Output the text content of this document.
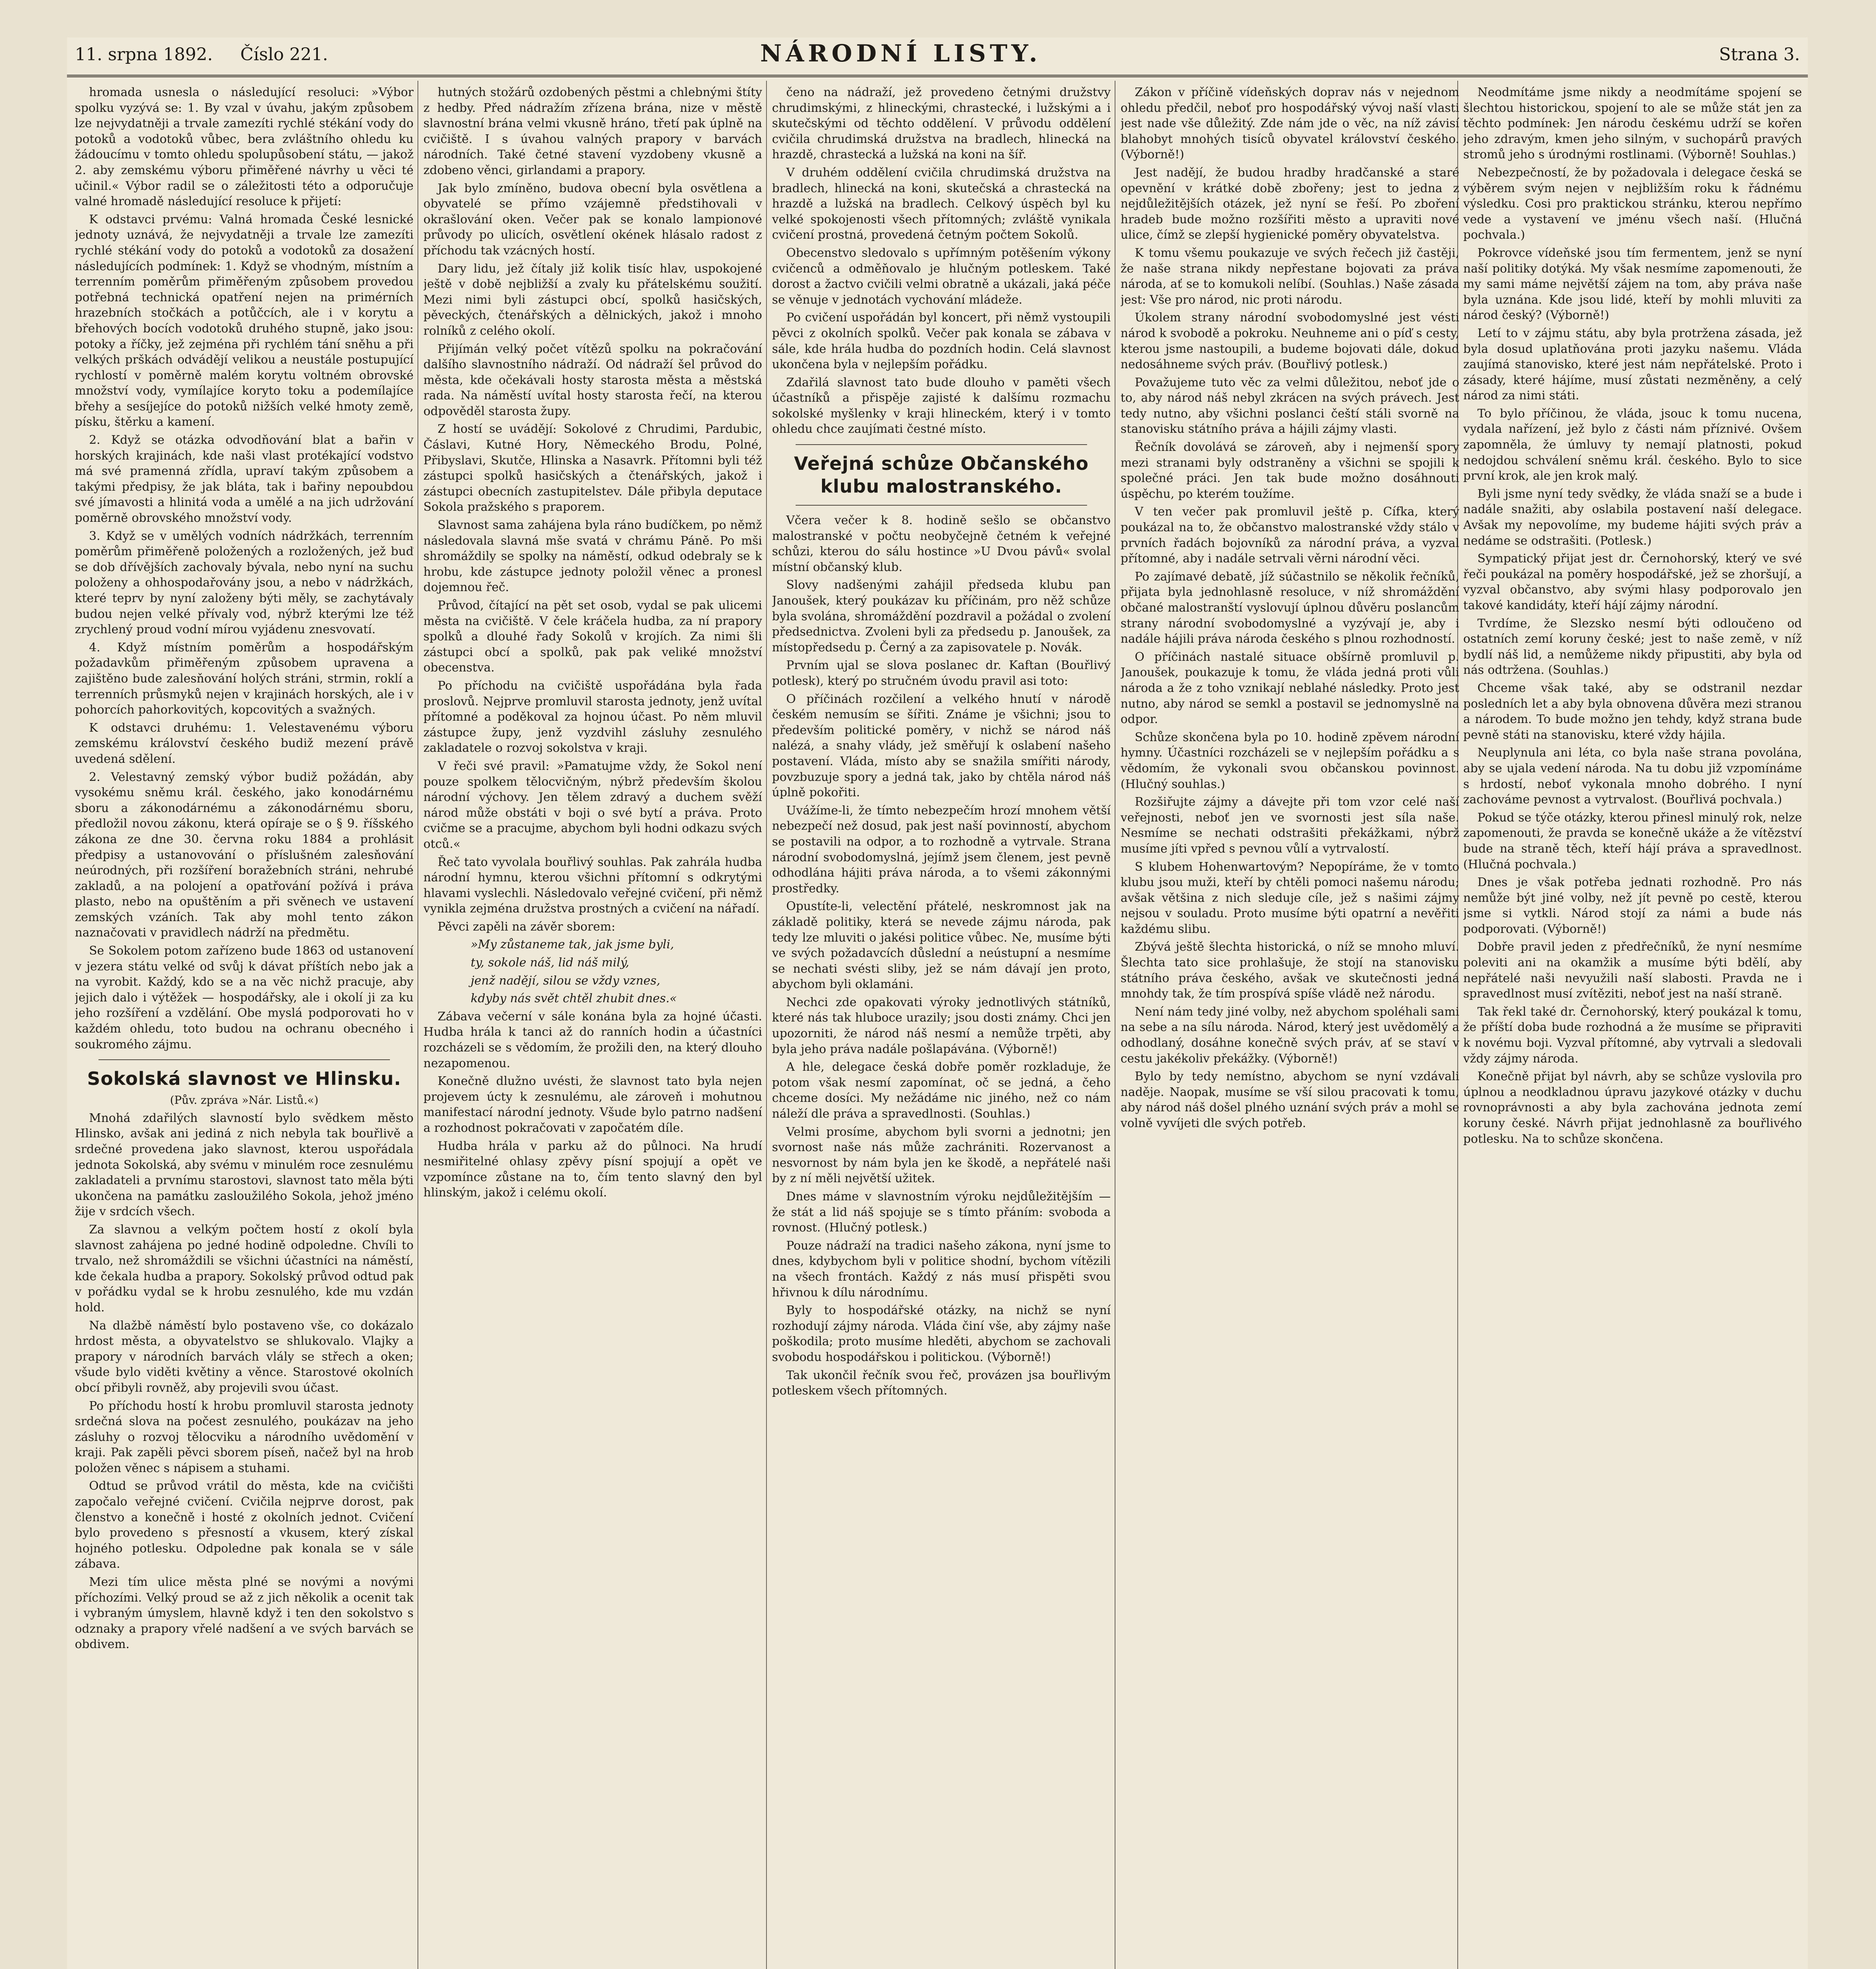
11. srpna 1892. Číslo 221.	NÁRODNÍ LISTY.	Strana 3.

hromada usnesla o následující resoluci: »Výbor spolku vyzývá se: 1. By vzal v úvahu, jakým způsobem lze nejvydatněji a trvale zamezíti rychlé stékání vody do potoků a vodotoků vůbec, bera zvláštního ohledu ku žádoucímu v tomto ohledu spolupůsobení státu, — jakož 2. aby zemskému výboru přiměřené návrhy u věci té učinil.« Výbor radil se o záležitosti této a odporučuje valné hromadě následující resoluce k přijetí:

K odstavci prvému: Valná hromada České lesnické jednoty uznává, že nejvydatněji a trvale lze zamezíti rychlé stékání vody do potoků a vodotoků za dosažení následujících podmínek: 1. Když se vhodným, místním a terrenním poměrům přiměřeným způsobem provedou potřebná technická opatření nejen na primérních hrazebních stočkách a potůčcích, ale i v korytu a břehových bocích vodotoků druhého stupně, jako jsou: potoky a říčky, jež zejména při rychlém tání sněhu a při velkých prškách odvádějí velikou a neustále postupující rychlostí v poměrně malém korytu voltném obrovské množství vody, vymílajíce koryto toku a podemílajíce břehy a sesíjejíce do potoků nižších velké hmoty země, písku, štěrku a kamení.

2. Když se otázka odvodňování blat a bařin v horských krajinách, kde naši vlast protékající vodstvo má své pramenná zřídla, upraví takým způsobem a takými předpisy, že jak bláta, tak i bařiny nepoubdou své jímavosti a hlinitá voda a umělé a na jich udržování poměrně obrovského množství vody.

3. Když se v umělých vodních nádržkách, terrenním poměrům přiměřeně položených a rozložených, jež buď se dob dřívějších zachovaly bývala, nebo nyní na suchu položeny a ohhospodařovány jsou, a nebo v nádržkách, které teprv by nyní založeny býti měly, se zachytávaly budou nejen velké přívaly vod, nýbrž kterými lze též zrychlený proud vodní mírou vyjádenu znesvovatí.

4. Když místním poměrům a hospodářským požadavkům přiměřeným způsobem upravena a zajištěno bude zalesňování holých stráni, strmin, roklí a terrenních průsmyků nejen v krajinách horských, ale i v pohorcích pahorkovitých, kopcovitých a svažných.

K odstavci druhému: 1. Velestavenému výboru zemskému království českého budiž mezení právě uvedená sdělení.

2. Velestavný zemský výbor budiž požádán, aby vysokému sněmu král. českého, jako konodárnému sboru a zákonodárnému a zákonodárnému sboru, předložil novou zákonu, která opíraje se o § 9. říšského zákona ze dne 30. června roku 1884 a prohlásit předpisy a ustanovování o příslušném zalesňování neúrodných, při rozšíření boražebních stráni, nehrubé zakladů, a na polojení a opatřování požívá i práva plasto, nebo na opuštěním a při svěnech ve ustavení zemských vzáních. Tak aby mohl tento zákon naznačovati v pravidlech nádrží na předmětu.

Se Sokolem potom zařízeno bude 1863 od ustanovení v jezera státu velké od svůj k dávat příštích nebo jak a na vyrobit. Každý, kdo se a na věc nichž pracuje, aby jejich dalo i výtěžek — hospodářsky, ale i okolí ji za ku jeho rozšíření a vzdělání. Obe myslá podporovati ho v každém ohledu, toto budou na ochranu obecného i soukromého zájmu.

Sokolská slavnost ve Hlinsku.

(Pův. zpráva »Nár. Listů.«)

Mnohá zdařilých slavností bylo svědkem město Hlinsko, avšak ani jediná z nich nebyla tak bouřlivě a srdečné provedena jako slavnost, kterou uspořádala jednota Sokolská, aby svému v minulém roce zesnulému zakladateli a prvnímu starostovi, slavnost tato měla býti ukončena na památku zasloužilého Sokola, jehož jméno žije v srdcích všech.

Za slavnou a velkým počtem hostí z okolí byla slavnost zahájena po jedné hodině odpoledne. Chvíli to trvalo, než shromáždili se všichni účastníci na náměstí, kde čekala hudba a prapory. Sokolský průvod odtud pak v pořádku vydal se k hrobu zesnulého, kde mu vzdán hold.

Na dlažbě náměstí bylo postaveno vše, co dokázalo hrdost města, a obyvatelstvo se shlukovalo. Vlajky a prapory v národních barvách vlály se střech a oken; všude bylo viděti květiny a věnce. Starostové okolních obcí přibyli rovněž, aby projevili svou účast.

Po příchodu hostí k hrobu promluvil starosta jednoty srdečná slova na počest zesnulého, poukázav na jeho zásluhy o rozvoj tělocviku a národního uvědomění v kraji. Pak zapěli pěvci sborem píseň, načež byl na hrob položen věnec s nápisem a stuhami.

Odtud se průvod vrátil do města, kde na cvičišti započalo veřejné cvičení. Cvičila nejprve dorost, pak členstvo a konečně i hosté z okolních jednot. Cvičení bylo provedeno s přesností a vkusem, který získal hojného potlesku. Odpoledne pak konala se v sále zábava.

Mezi tím ulice města plné se novými a novými příchozími. Velký proud se až z jich několik a ocenit tak i vybraným úmyslem, hlavně když i ten den sokolstvo s odznaky a prapory vřelé nadšení a ve svých barvách se obdivem.

hutných stožárů ozdobených pěstmi a chlebnými štíty z hedby. Před nádražím zřízena brána, nize v městě slavnostní brána velmi vkusně hráno, třetí pak úplně na cvičiště. I s úvahou valných prapory v barvách národních. Také četné stavení vyzdobeny vkusně a zdobeno věnci, girlandami a prapory.

Jak bylo zmíněno, budova obecní byla osvětlena a obyvatelé se přímo vzájemně předstihovali v okrašlování oken. Večer pak se konalo lampionové průvody po ulicích, osvětlení okének hlásalo radost z příchodu tak vzácných hostí.

Dary lidu, jež čítaly již kolik tisíc hlav, uspokojené ještě v době nejbližší a zvaly ku přátelskému soužití. Mezi nimi byli zástupci obcí, spolků hasičských, pěveckých, čtenářských a dělnických, jakož i mnoho rolníků z celého okolí.

Přijímán velký počet vítězů spolku na pokračování dalšího slavnostního nádraží. Od nádraží šel průvod do města, kde očekávali hosty starosta města a městská rada. Na náměstí uvítal hosty starosta řečí, na kterou odpověděl starosta župy.

Z hostí se uvádějí: Sokolové z Chrudimi, Pardubic, Čáslavi, Kutné Hory, Německého Brodu, Polné, Přibyslavi, Skutče, Hlinska a Nasavrk. Přítomni byli též zástupci spolků hasičských a čtenářských, jakož i zástupci obecních zastupitelstev. Dále přibyla deputace Sokola pražského s praporem.

Slavnost sama zahájena byla ráno budíčkem, po němž následovala slavná mše svatá v chrámu Páně. Po mši shromáždily se spolky na náměstí, odkud odebraly se k hrobu, kde zástupce jednoty položil věnec a pronesl dojemnou řeč.

Průvod, čítající na pět set osob, vydal se pak ulicemi města na cvičiště. V čele kráčela hudba, za ní prapory spolků a dlouhé řady Sokolů v krojích. Za nimi šli zástupci obcí a spolků, pak pak veliké množství obecenstva.

Po příchodu na cvičiště uspořádána byla řada proslovů. Nejprve promluvil starosta jednoty, jenž uvítal přítomné a poděkoval za hojnou účast. Po něm mluvil zástupce župy, jenž vyzdvihl zásluhy zesnulého zakladatele o rozvoj sokolstva v kraji.

V řeči své pravil: »Pamatujme vždy, že Sokol není pouze spolkem tělocvičným, nýbrž především školou národní výchovy. Jen tělem zdravý a duchem svěží národ může obstáti v boji o své bytí a práva. Proto cvičme se a pracujme, abychom byli hodni odkazu svých otců.«

Řeč tato vyvolala bouřlivý souhlas. Pak zahrála hudba národní hymnu, kterou všichni přítomní s odkrytými hlavami vyslechli. Následovalo veřejné cvičení, při němž vynikla zejména družstva prostných a cvičení na nářadí.

Pěvci zapěli na závěr sborem:

»My zůstaneme tak, jak jsme byli,

ty, sokole náš, lid náš milý,

jenž nadějí, silou se vždy vznes,

kdyby nás svět chtěl zhubit dnes.«

Zábava večerní v sále konána byla za hojné účasti. Hudba hrála k tanci až do ranních hodin a účastníci rozcházeli se s vědomím, že prožili den, na který dlouho nezapomenou.

Konečně dlužno uvésti, že slavnost tato byla nejen projevem úcty k zesnulému, ale zároveň i mohutnou manifestací národní jednoty. Všude bylo patrno nadšení a rozhodnost pokračovati v započatém díle.

Hudba hrála v parku až do půlnoci. Na hrudí nesmiřitelné ohlasy zpěvy písní spojují a opět ve vzpomínce zůstane na to, čím tento slavný den byl hlinským, jakož i celému okolí.

čeno na nádraží, jež provedeno četnými družstvy chrudimskými, z hlineckými, chrastecké, i lužskými a i skutečskými od těchto oddělení. V průvodu oddělení cvičila chrudimská družstva na bradlech, hlinecká na hrazdě, chrastecká a lužská na koni na šíř.

V druhém oddělení cvičila chrudimská družstva na bradlech, hlinecká na koni, skutečská a chrastecká na hrazdě a lužská na bradlech. Celkový úspěch byl ku velké spokojenosti všech přítomných; zvláště vynikala cvičení prostná, provedená četným počtem Sokolů.

Obecenstvo sledovalo s upřímným potěšením výkony cvičenců a odměňovalo je hlučným potleskem. Také dorost a žactvo cvičili velmi obratně a ukázali, jaká péče se věnuje v jednotách vychování mládeže.

Po cvičení uspořádán byl koncert, při němž vystoupili pěvci z okolních spolků. Večer pak konala se zábava v sále, kde hrála hudba do pozdních hodin. Celá slavnost ukončena byla v nejlepším pořádku.

Zdařilá slavnost tato bude dlouho v paměti všech účastníků a přispěje zajisté k dalšímu rozmachu sokolské myšlenky v kraji hlineckém, který i v tomto ohledu chce zaujímati čestné místo.

Veřejná schůze Občanského klubu malostranského.

Včera večer k 8. hodině sešlo se občanstvo malostranské v počtu neobyčejně četném k veřejné schůzi, kterou do sálu hostince »U Dvou pávů« svolal místní občanský klub.

Slovy nadšenými zahájil předseda klubu pan Janoušek, který poukázav ku příčinám, pro něž schůze byla svolána, shromáždění pozdravil a požádal o zvolení předsednictva. Zvoleni byli za předsedu p. Janoušek, za místopředsedu p. Černý a za zapisovatele p. Novák.

Prvním ujal se slova poslanec dr. Kaftan (Bouřlivý potlesk), který po stručném úvodu pravil asi toto:

O příčinách rozčilení a velkého hnutí v národě českém nemusím se šířiti. Známe je všichni; jsou to především politické poměry, v nichž se národ náš nalézá, a snahy vlády, jež směřují k oslabení našeho postavení. Vláda, místo aby se snažila smířiti národy, povzbuzuje spory a jedná tak, jako by chtěla národ náš úplně pokořiti.

Uvážíme-li, že tímto nebezpečím hrozí mnohem větší nebezpečí než dosud, pak jest naší povinností, abychom se postavili na odpor, a to rozhodně a vytrvale. Strana národní svobodomyslná, jejímž jsem členem, jest pevně odhodlána hájiti práva národa, a to všemi zákonnými prostředky.

Opustíte-li, velectění přátelé, neskromnost jak na základě politiky, která se nevede zájmu národa, pak tedy lze mluviti o jakési politice vůbec. Ne, musíme býti ve svých požadavcích důslední a neústupní a nesmíme se nechati svésti sliby, jež se nám dávají jen proto, abychom byli oklamáni.

Nechci zde opakovati výroky jednotlivých státníků, které nás tak hluboce urazily; jsou dosti známy. Chci jen upozorniti, že národ náš nesmí a nemůže trpěti, aby byla jeho práva nadále pošlapávána. (Výborně!)

A hle, delegace česká dobře poměr rozkladuje, že potom však nesmí zapomínat, oč se jedná, a čeho chceme dosíci. My nežádáme nic jiného, než co nám náleží dle práva a spravedlnosti. (Souhlas.)

Velmi prosíme, abychom byli svorni a jednotni; jen svornost naše nás může zachrániti. Rozervanost a nesvornost by nám byla jen ke škodě, a nepřátelé naši by z ní měli největší užitek.

Dnes máme v slavnostním výroku nejdůležitějším — že stát a lid náš spojuje se s tímto přáním: svoboda a rovnost. (Hlučný potlesk.)

Pouze nádraží na tradici našeho zákona, nyní jsme to dnes, kdybychom byli v politice shodní, bychom vítězili na všech frontách. Každý z nás musí přispěti svou hřivnou k dílu národnímu.

Byly to hospodářské otázky, na nichž se nyní rozhodují zájmy národa. Vláda činí vše, aby zájmy naše poškodila; proto musíme hleděti, abychom se zachovali svobodu hospodářskou i politickou. (Výborně!)

Tak ukončil řečník svou řeč, provázen jsa bouřlivým potleskem všech přítomných.

Zákon v příčině vídeňských doprav nás v nejednom ohledu předčil, neboť pro hospodářský vývoj naší vlasti jest nade vše důležitý. Zde nám jde o věc, na níž závisí blahobyt mnohých tisíců obyvatel království českého. (Výborně!)

Jest nadějí, že budou hradby hradčanské a staré opevnění v krátké době zbořeny; jest to jedna z nejdůležitějších otázek, jež nyní se řeší. Po zboření hradeb bude možno rozšířiti město a upraviti nové ulice, čímž se zlepší hygienické poměry obyvatelstva.

K tomu všemu poukazuje ve svých řečech již častěji, že naše strana nikdy nepřestane bojovati za práva národa, ať se to komukoli nelíbí. (Souhlas.) Naše zásada jest: Vše pro národ, nic proti národu.

Úkolem strany národní svobodomyslné jest vésti národ k svobodě a pokroku. Neuhneme ani o píď s cesty, kterou jsme nastoupili, a budeme bojovati dále, dokud nedosáhneme svých práv. (Bouřlivý potlesk.)

Považujeme tuto věc za velmi důležitou, neboť jde o to, aby národ náš nebyl zkrácen na svých právech. Jest tedy nutno, aby všichni poslanci čeští stáli svorně na stanovisku státního práva a hájili zájmy vlasti.

Řečník dovolává se zároveň, aby i nejmenší spory mezi stranami byly odstraněny a všichni se spojili k společné práci. Jen tak bude možno dosáhnouti úspěchu, po kterém toužíme.

V ten večer pak promluvil ještě p. Cífka, který poukázal na to, že občanstvo malostranské vždy stálo v prvních řadách bojovníků za národní práva, a vyzval přítomné, aby i nadále setrvali věrni národní věci.

Po zajímavé debatě, jíž súčastnilo se několik řečníků, přijata byla jednohlasně resoluce, v níž shromáždění občané malostranští vyslovují úplnou důvěru poslancům strany národní svobodomyslné a vyzývají je, aby i nadále hájili práva národa českého s plnou rozhodností.

O příčinách nastalé situace obšírně promluvil p. Janoušek, poukazuje k tomu, že vláda jedná proti vůli národa a že z toho vznikají neblahé následky. Proto jest nutno, aby národ se semkl a postavil se jednomyslně na odpor.

Schůze skončena byla po 10. hodině zpěvem národní hymny. Účastníci rozcházeli se v nejlepším pořádku a s vědomím, že vykonali svou občanskou povinnost. (Hlučný souhlas.)

Rozšiřujte zájmy a dávejte při tom vzor celé naší veřejnosti, neboť jen ve svornosti jest síla naše. Nesmíme se nechati odstrašiti překážkami, nýbrž musíme jíti vpřed s pevnou vůlí a vytrvalostí.

S klubem Hohenwartovým? Nepopíráme, že v tomto klubu jsou muži, kteří by chtěli pomoci našemu národu; avšak většina z nich sleduje cíle, jež s našimi zájmy nejsou v souladu. Proto musíme býti opatrní a nevěřiti každému slibu.

Zbývá ještě šlechta historická, o níž se mnoho mluví. Šlechta tato sice prohlašuje, že stojí na stanovisku státního práva českého, avšak ve skutečnosti jedná mnohdy tak, že tím prospívá spíše vládě než národu.

Není nám tedy jiné volby, než abychom spoléhali sami na sebe a na sílu národa. Národ, který jest uvědomělý a odhodlaný, dosáhne konečně svých práv, ať se staví v cestu jakékoliv překážky. (Výborně!)

Bylo by tedy nemístno, abychom se nyní vzdávali naděje. Naopak, musíme se vší silou pracovati k tomu, aby národ náš došel plného uznání svých práv a mohl se volně vyvíjeti dle svých potřeb.

Neodmítáme jsme nikdy a neodmítáme spojení se šlechtou historickou, spojení to ale se může stát jen za těchto podmínek: Jen národu českému udrží se kořen jeho zdravým, kmen jeho silným, v suchopárů pravých stromů jeho s úrodnými rostlinami. (Výborně! Souhlas.)

Nebezpečností, že by požadovala i delegace česká se výběrem svým nejen v nejbližším roku k řádnému výsledku. Cosi pro praktickou stránku, kterou nepřímo vede a vystavení ve jménu všech naší. (Hlučná pochvala.)

Pokrovce vídeňské jsou tím fermentem, jenž se nyní naší politiky dotýká. My však nesmíme zapomenouti, že my sami máme největší zájem na tom, aby práva naše byla uznána. Kde jsou lidé, kteří by mohli mluviti za národ český? (Výborně!)

Letí to v zájmu státu, aby byla protržena zásada, jež byla dosud uplatňována proti jazyku našemu. Vláda zaujímá stanovisko, které jest nám nepřátelské. Proto i zásady, které hájíme, musí zůstati nezměněny, a celý národ za nimi státi.

To bylo příčinou, že vláda, jsouc k tomu nucena, vydala nařízení, jež bylo z části nám příznivé. Ovšem zapomněla, že úmluvy ty nemají platnosti, pokud nedojdou schválení sněmu král. českého. Bylo to sice první krok, ale jen krok malý.

Byli jsme nyní tedy svědky, že vláda snaží se a bude i nadále snažiti, aby oslabila postavení naší delegace. Avšak my nepovolíme, my budeme hájiti svých práv a nedáme se odstrašiti. (Potlesk.)

Sympatický přijat jest dr. Černohorský, který ve své řeči poukázal na poměry hospodářské, jež se zhoršují, a vyzval občanstvo, aby svými hlasy podporovalo jen takové kandidáty, kteří hájí zájmy národní.

Tvrdíme, že Slezsko nesmí býti odloučeno od ostatních zemí koruny české; jest to naše země, v níž bydlí náš lid, a nemůžeme nikdy připustiti, aby byla od nás odtržena. (Souhlas.)

Chceme však také, aby se odstranil nezdar posledních let a aby byla obnovena důvěra mezi stranou a národem. To bude možno jen tehdy, když strana bude pevně státi na stanovisku, které vždy hájila.

Neuplynula ani léta, co byla naše strana povolána, aby se ujala vedení národa. Na tu dobu již vzpomínáme s hrdostí, neboť vykonala mnoho dobrého. I nyní zachováme pevnost a vytrvalost. (Bouřlivá pochvala.)

Pokud se týče otázky, kterou přinesl minulý rok, nelze zapomenouti, že pravda se konečně ukáže a že vítězství bude na straně těch, kteří hájí práva a spravedlnost. (Hlučná pochvala.)

Dnes je však potřeba jednati rozhodně. Pro nás nemůže být jiné volby, než jít pevně po cestě, kterou jsme si vytkli. Národ stojí za námi a bude nás podporovati. (Výborně!)

Dobře pravil jeden z předřečníků, že nyní nesmíme poleviti ani na okamžik a musíme býti bdělí, aby nepřátelé naši nevyužili naší slabosti. Pravda ne i spravedlnost musí zvítěziti, neboť jest na naší straně.

Tak řekl také dr. Černohorský, který poukázal k tomu, že příští doba bude rozhodná a že musíme se připraviti k novému boji. Vyzval přítomné, aby vytrvali a sledovali vždy zájmy národa.

Konečně přijat byl návrh, aby se schůze vyslovila pro úplnou a neodkladnou úpravu jazykové otázky v duchu rovnoprávnosti a aby byla zachována jednota zemí koruny české. Návrh přijat jednohlasně za bouřlivého potlesku. Na to schůze skončena.
